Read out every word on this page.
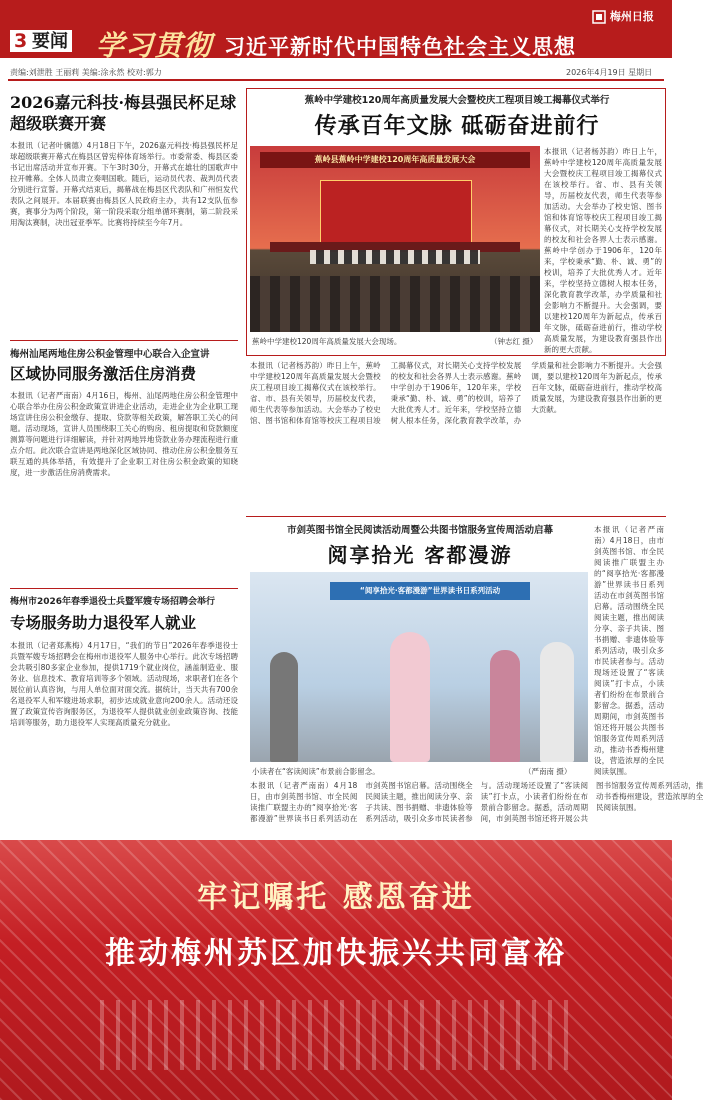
3 要闻 学习贯彻 习近平新时代中国特色社会主义思想
梅州日报
责编:刘泄胜 王丽莉 美编:涂永然 校对:郭力	2026年4月19日 星期日
2026嘉元科技·梅县强民杯足球超级联赛开赛
本报讯（记者叶骥德）4月18日下午，2026嘉元科技·梅县强民杯足球超级联赛开幕式在梅县区曾宪梓体育场举行。市委常委、梅县区委书记出席活动并宣布开赛。下午3时30分，开幕式在雄壮的国歌声中拉开帷幕。全体人员肃立奏唱国歌。随后，运动员代表、裁判员代表分别进行宣誓。开幕式结束后，揭幕战在梅县区代表队和广州恒发代表队之间展开。本届联赛由梅县区人民政府主办，共有12支队伍参赛，赛事分为两个阶段，第一阶段采取分组单循环赛制，第二阶段采用淘汰赛制，决出冠亚季军。比赛将持续至今年7月。
梅州汕尾两地住房公积金管理中心联合入企宣讲
区域协同服务激活住房消费
本报讯（记者严南南）4月16日，梅州、汕尾两地住房公积金管理中心联合举办住房公积金政策宣讲进企业活动，走进企业为企业职工现场宣讲住房公积金缴存、提取、贷款等相关政策，解答职工关心的问题。活动现场，宣讲人员围绕职工关心的购房、租房提取和贷款额度测算等问题进行详细解读，并针对两地异地贷款业务办理流程进行重点介绍。此次联合宣讲是两地深化区域协同、推动住房公积金服务互联互通的具体举措，有效提升了企业职工对住房公积金政策的知晓度，进一步激活住房消费需求。
梅州市2026年春季退役士兵暨军嫂专场招聘会举行
专场服务助力退役军人就业
本报讯（记者郑燕梅）4月17日，“我们的节日”2026年春季退役士兵暨军嫂专场招聘会在梅州市退役军人服务中心举行。此次专场招聘会共吸引80多家企业参加，提供1719个就业岗位，涵盖制造业、服务业、信息技术、教育培训等多个领域。活动现场，求职者们在各个展位前认真咨询，与用人单位面对面交流。据统计，当天共有700余名退役军人和军嫂进场求职，初步达成就业意向200余人。活动还设置了政策宣传咨询服务区，为退役军人提供就业创业政策咨询、技能培训等服务，助力退役军人实现高质量充分就业。
蕉岭中学建校120周年高质量发展大会暨校庆工程项目竣工揭幕仪式举行
传承百年文脉 砥砺奋进前行
蕉岭县蕉岭中学建校120周年高质量发展大会
蕉岭中学建校120周年高质量发展大会现场。	（钟志红 摄）
本报讯（记者杨苏韵）昨日上午，蕉岭中学建校120周年高质量发展大会暨校庆工程项目竣工揭幕仪式在该校举行。省、市、县有关领导，历届校友代表，师生代表等参加活动。大会举办了校史馆、图书馆和体育馆等校庆工程项目竣工揭幕仪式，对长期关心支持学校发展的校友和社会各界人士表示感谢。蕉岭中学创办于1906年，120年来，学校秉承“勤、朴、诚、勇”的校训，培养了大批优秀人才。近年来，学校坚持立德树人根本任务，深化教育教学改革，办学质量和社会影响力不断提升。大会强调，要以建校120周年为新起点，传承百年文脉，砥砺奋进前行，推动学校高质量发展，为建设教育强县作出新的更大贡献。
本报讯（记者杨苏韵）昨日上午，蕉岭中学建校120周年高质量发展大会暨校庆工程项目竣工揭幕仪式在该校举行。省、市、县有关领导，历届校友代表，师生代表等参加活动。大会举办了校史馆、图书馆和体育馆等校庆工程项目竣工揭幕仪式，对长期关心支持学校发展的校友和社会各界人士表示感谢。蕉岭中学创办于1906年，120年来，学校秉承“勤、朴、诚、勇”的校训，培养了大批优秀人才。近年来，学校坚持立德树人根本任务，深化教育教学改革，办学质量和社会影响力不断提升。大会强调，要以建校120周年为新起点，传承百年文脉，砥砺奋进前行，推动学校高质量发展，为建设教育强县作出新的更大贡献。
市剑英图书馆全民阅读活动周暨公共图书馆服务宣传周活动启幕
阅享拾光 客都漫游
“阅享拾光·客都漫游”世界读书日系列活动
小读者在“客读阅读”布景前合影留念。	（严南南 摄）
本报讯（记者严南南）4月18日，由市剑英图书馆、市全民阅读推广联盟主办的“阅享拾光·客都漫游”世界读书日系列活动在市剑英图书馆启幕。活动围绕全民阅读主题，推出阅读分享、亲子共读、图书捐赠、非遗体验等系列活动，吸引众多市民读者参与。活动现场还设置了“客读阅读”打卡点，小读者们纷纷在布景前合影留念。据悉，活动周期间，市剑英图书馆还将开展公共图书馆服务宣传周系列活动，推动书香梅州建设，营造浓厚的全民阅读氛围。
本报讯（记者严南南）4月18日，由市剑英图书馆、市全民阅读推广联盟主办的“阅享拾光·客都漫游”世界读书日系列活动在市剑英图书馆启幕。活动围绕全民阅读主题，推出阅读分享、亲子共读、图书捐赠、非遗体验等系列活动，吸引众多市民读者参与。活动现场还设置了“客读阅读”打卡点，小读者们纷纷在布景前合影留念。据悉，活动周期间，市剑英图书馆还将开展公共图书馆服务宣传周系列活动，推动书香梅州建设，营造浓厚的全民阅读氛围。
牢记嘱托 感恩奋进
推动梅州苏区加快振兴共同富裕
